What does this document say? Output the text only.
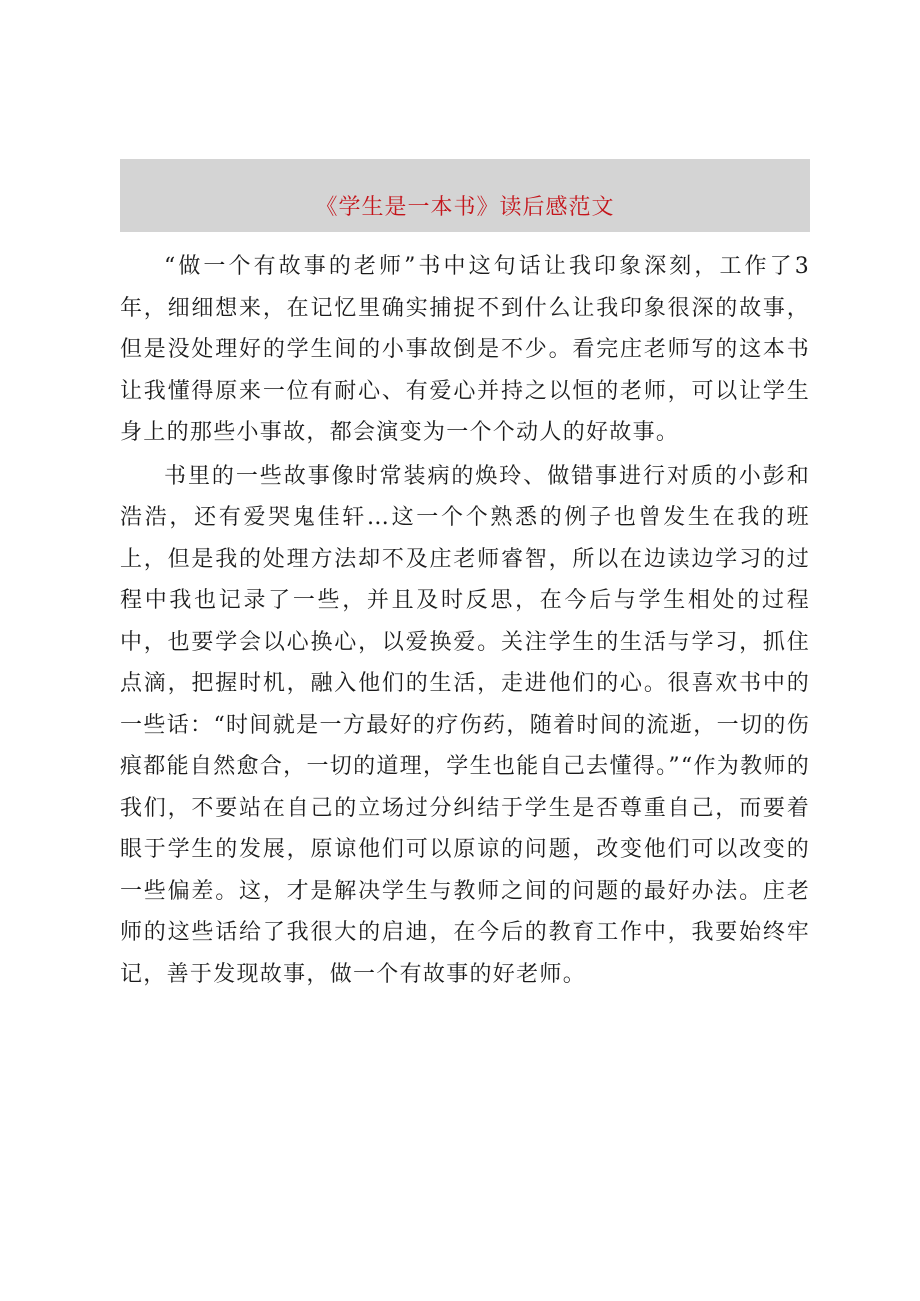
《学生是一本书》读后感范文

“做一个有故事的老师”书中这句话让我印象深刻，工作了3年，细细想来，在记忆里确实捕捉不到什么让我印象很深的故事，但是没处理好的学生间的小事故倒是不少。看完庄老师写的这本书让我懂得原来一位有耐心、有爱心并持之以恒的老师，可以让学生身上的那些小事故，都会演变为一个个动人的好故事。

书里的一些故事像时常装病的焕玲、做错事进行对质的小彭和浩浩，还有爱哭鬼佳轩…这一个个熟悉的例子也曾发生在我的班上，但是我的处理方法却不及庄老师睿智，所以在边读边学习的过程中我也记录了一些，并且及时反思，在今后与学生相处的过程中，也要学会以心换心，以爱换爱。关注学生的生活与学习，抓住点滴，把握时机，融入他们的生活，走进他们的心。很喜欢书中的一些话：“时间就是一方最好的疗伤药，随着时间的流逝，一切的伤痕都能自然愈合，一切的道理，学生也能自己去懂得。”“作为教师的我们，不要站在自己的立场过分纠结于学生是否尊重自己，而要着眼于学生的发展，原谅他们可以原谅的问题，改变他们可以改变的一些偏差。这，才是解决学生与教师之间的问题的最好办法。庄老师的这些话给了我很大的启迪，在今后的教育工作中，我要始终牢记，善于发现故事，做一个有故事的好老师。
